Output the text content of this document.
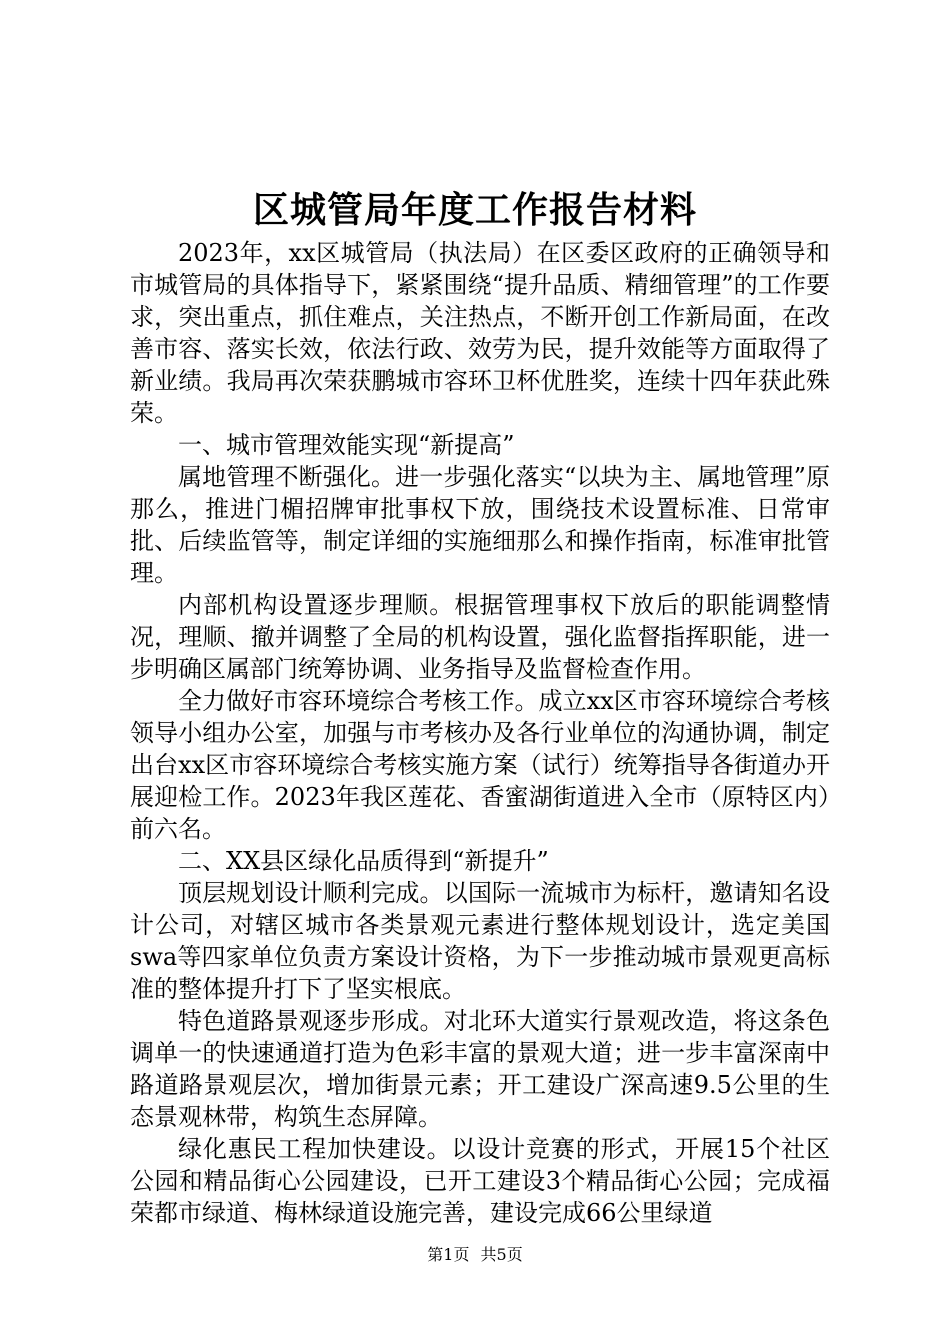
区城管局年度工作报告材料

2023年，xx区城管局（执法局）在区委区政府的正确领导和市城管局的具体指导下，紧紧围绕“提升品质、精细管理”的工作要求，突出重点，抓住难点，关注热点，不断开创工作新局面，在改善市容、落实长效，依法行政、效劳为民，提升效能等方面取得了新业绩。我局再次荣获鹏城市容环卫杯优胜奖，连续十四年获此殊荣。

一、城市管理效能实现“新提高”

属地管理不断强化。进一步强化落实“以块为主、属地管理”原那么，推进门楣招牌审批事权下放，围绕技术设置标准、日常审批、后续监管等，制定详细的实施细那么和操作指南，标准审批管理。

内部机构设置逐步理顺。根据管理事权下放后的职能调整情况，理顺、撤并调整了全局的机构设置，强化监督指挥职能，进一步明确区属部门统筹协调、业务指导及监督检查作用。

全力做好市容环境综合考核工作。成立xx区市容环境综合考核领导小组办公室，加强与市考核办及各行业单位的沟通协调，制定出台xx区市容环境综合考核实施方案（试行）统筹指导各街道办开展迎检工作。2023年我区莲花、香蜜湖街道进入全市（原特区内）前六名。

二、XX县区绿化品质得到“新提升”

顶层规划设计顺利完成。以国际一流城市为标杆，邀请知名设计公司，对辖区城市各类景观元素进行整体规划设计，选定美国swa等四家单位负责方案设计资格，为下一步推动城市景观更高标准的整体提升打下了坚实根底。

特色道路景观逐步形成。对北环大道实行景观改造，将这条色调单一的快速通道打造为色彩丰富的景观大道；进一步丰富深南中路道路景观层次，增加街景元素；开工建设广深高速9.5公里的生态景观林带，构筑生态屏障。

绿化惠民工程加快建设。以设计竞赛的形式，开展15个社区公园和精品街心公园建设，已开工建设3个精品街心公园；完成福荣都市绿道、梅林绿道设施完善，建设完成66公里绿道

第1页 共5页
